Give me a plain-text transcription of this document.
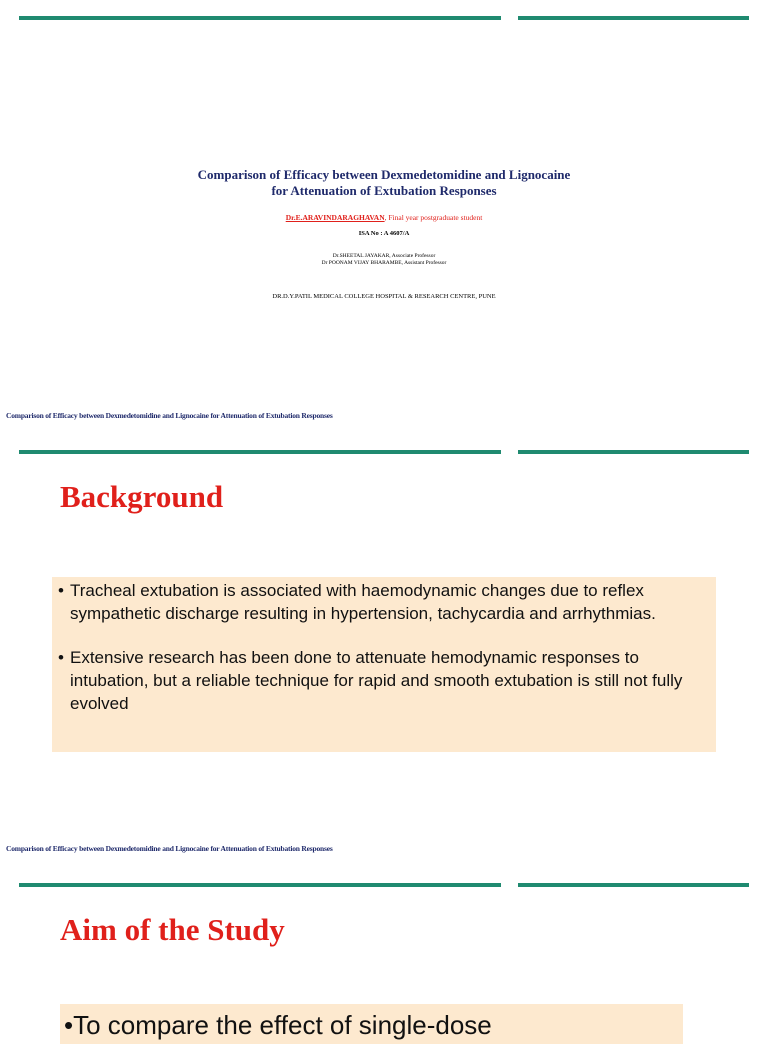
Comparison of Efficacy between Dexmedetomidine and Lignocaine
for Attenuation of Extubation Responses
Dr.E.ARAVINDARAGHAVAN, Final year postgraduate student
ISA No : A 4607/A
Dr.SHEETAL JAYAKAR, Associate Professor
Dr POONAM VIJAY BHARAMBE, Assistant Professor
DR.D.Y.PATIL MEDICAL COLLEGE HOSPITAL & RESEARCH CENTRE, PUNE
Comparison of Efficacy between Dexmedetomidine and Lignocaine for Attenuation of Extubation Responses
Background
• Tracheal extubation is associated with haemodynamic changes due to reflex sympathetic discharge resulting in hypertension, tachycardia and arrhythmias.
• Extensive research has been done to attenuate hemodynamic responses to intubation, but a reliable technique for rapid and smooth extubation is still not fully evolved
Comparison of Efficacy between Dexmedetomidine and Lignocaine for Attenuation of Extubation Responses
Aim of the Study
•To compare the effect of single-dose
